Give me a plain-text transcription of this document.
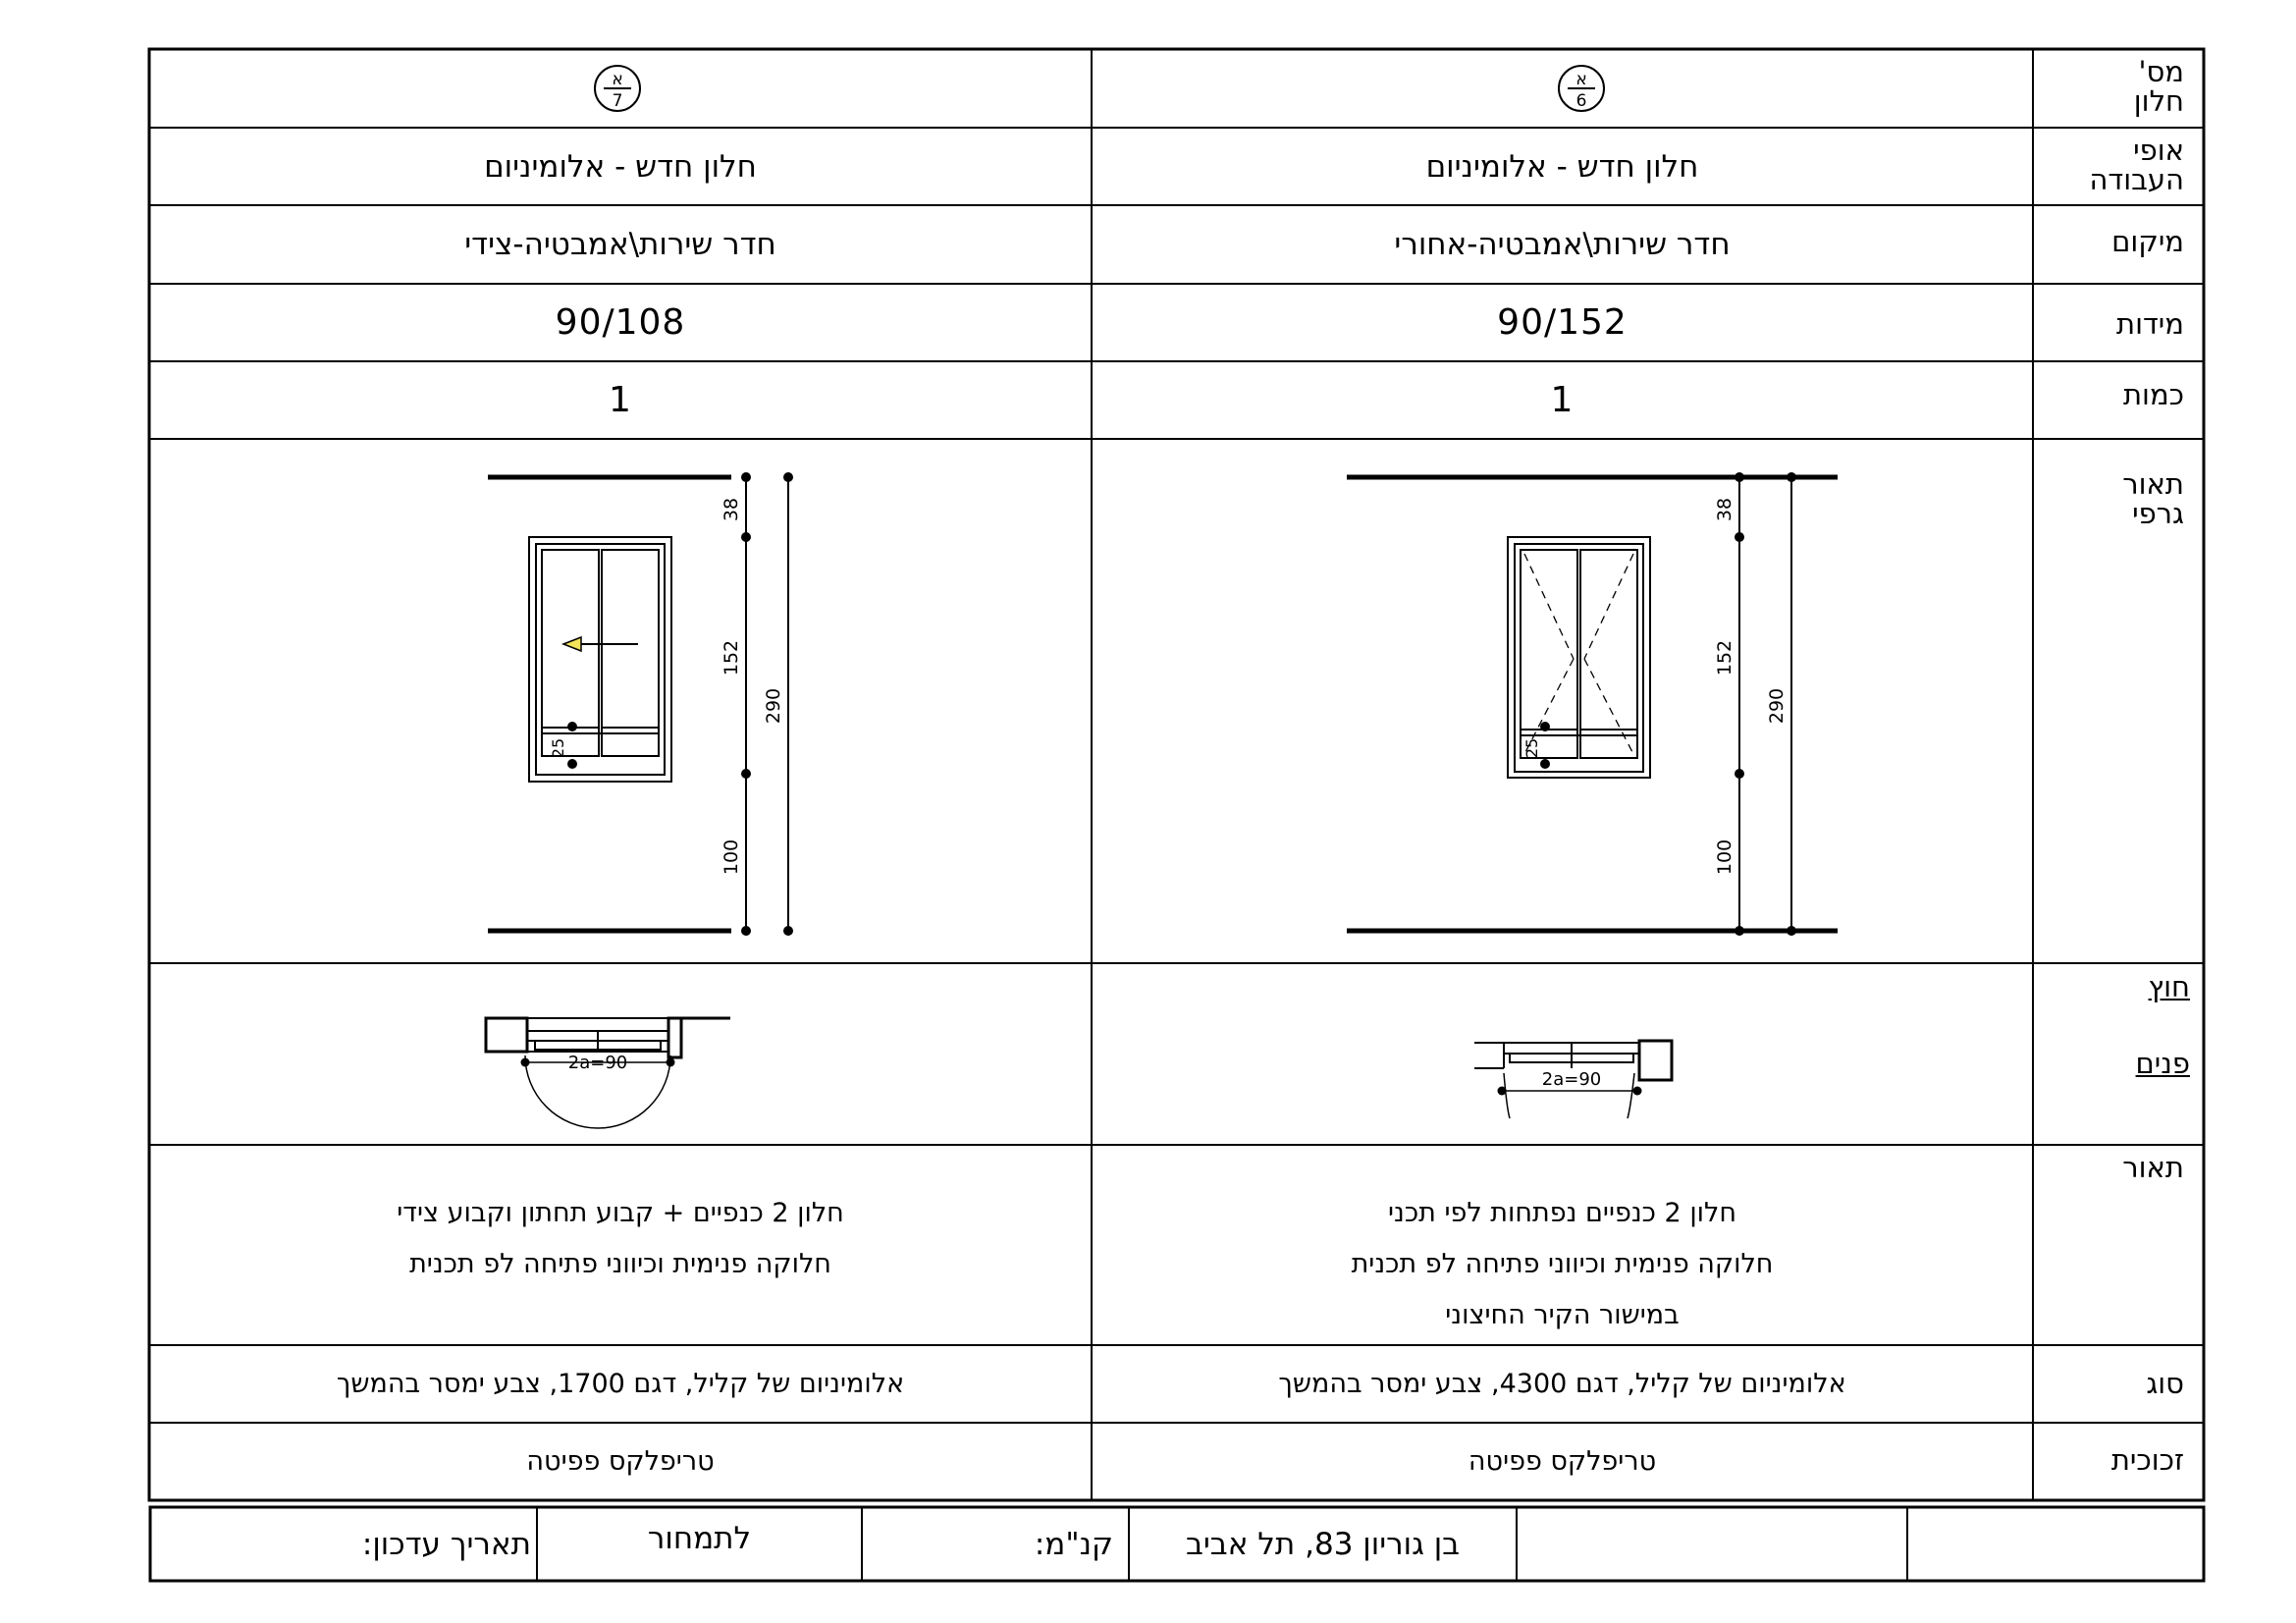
מס'
חלון
אופי
העבודה
מיקום
מידות
כמות
תאור
גרפי
חוץ
פנים
תאור
סוג
זכוכית
א
6
א
7
חלון חדש - אלומיניום
חדר שירות\אמבטיה-אחורי
90/152
1
חלון 2 כנפיים נפתחות לפי תכני
חלוקה פנימית וכיווני פתיחה לפ תכנית
במישור הקיר החיצוני
אלומיניום של קליל, דגם 4300, צבע ימסר בהמשך
טריפלקס פפיטה
חלון חדש - אלומיניום
חדר שירות\אמבטיה-צידי
90/108
1
חלון 2 כנפיים + קבוע תחתון וקבוע צידי
חלוקה פנימית וכיווני פתיחה לפ תכנית
אלומיניום של קליל, דגם 1700, צבע ימסר בהמשך
טריפלקס פפיטה
38
152
100
290
25
38
152
100
290
25
2a=90
2a=90
בן גוריון 83, תל אביב
קנ"מ:
לתמחור
תאריך עדכון:
